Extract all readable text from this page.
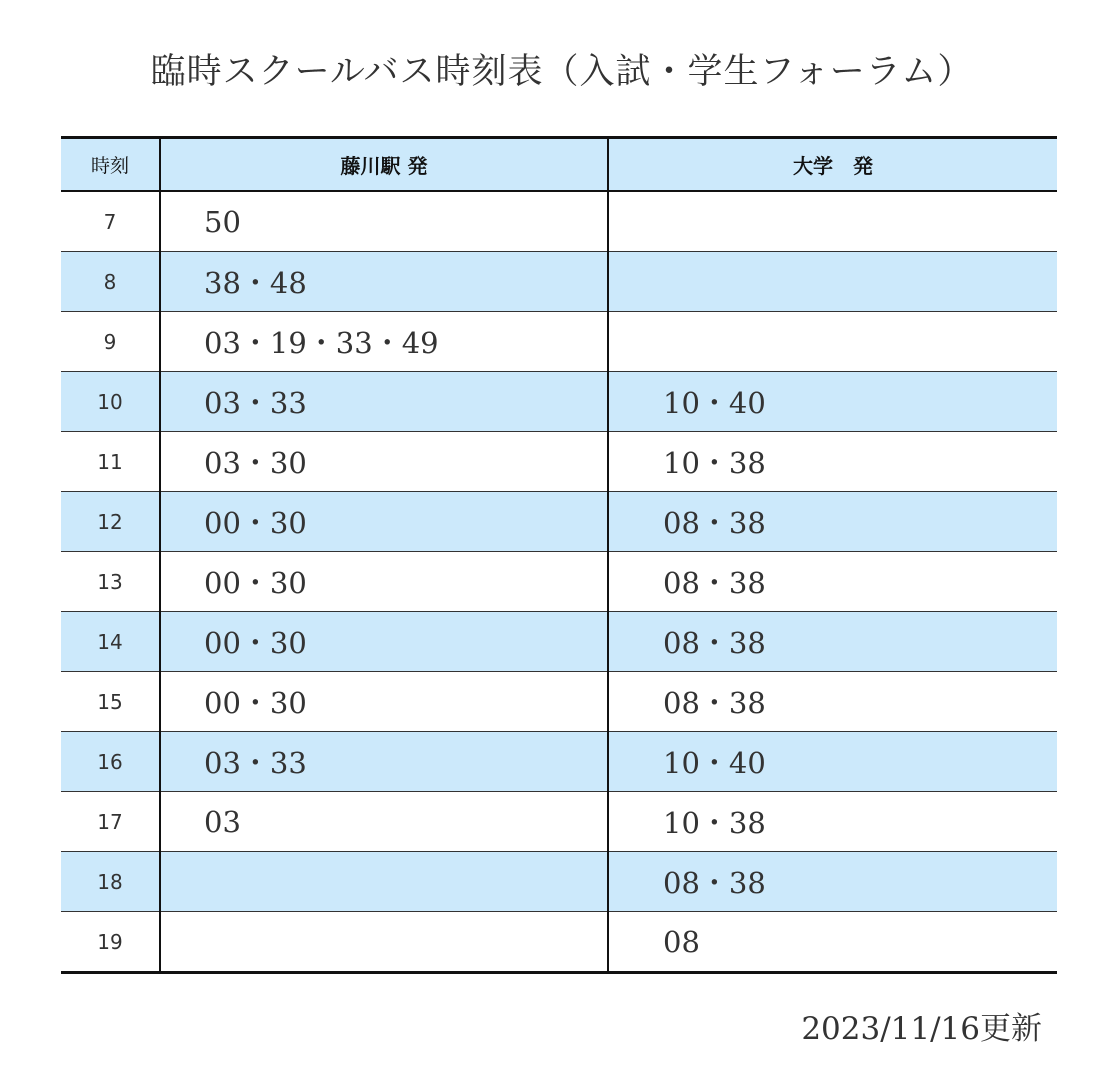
臨時スクールバス時刻表（入試・学生フォーラム）
時刻	藤川駅 発	大学　発
7	50	
8	38・48	
9	03・19・33・49	
10	03・33	10・40
11	03・30	10・38
12	00・30	08・38
13	00・30	08・38
14	00・30	08・38
15	00・30	08・38
16	03・33	10・40
17	03	10・38
18		08・38
19		08
2023/11/16更新
